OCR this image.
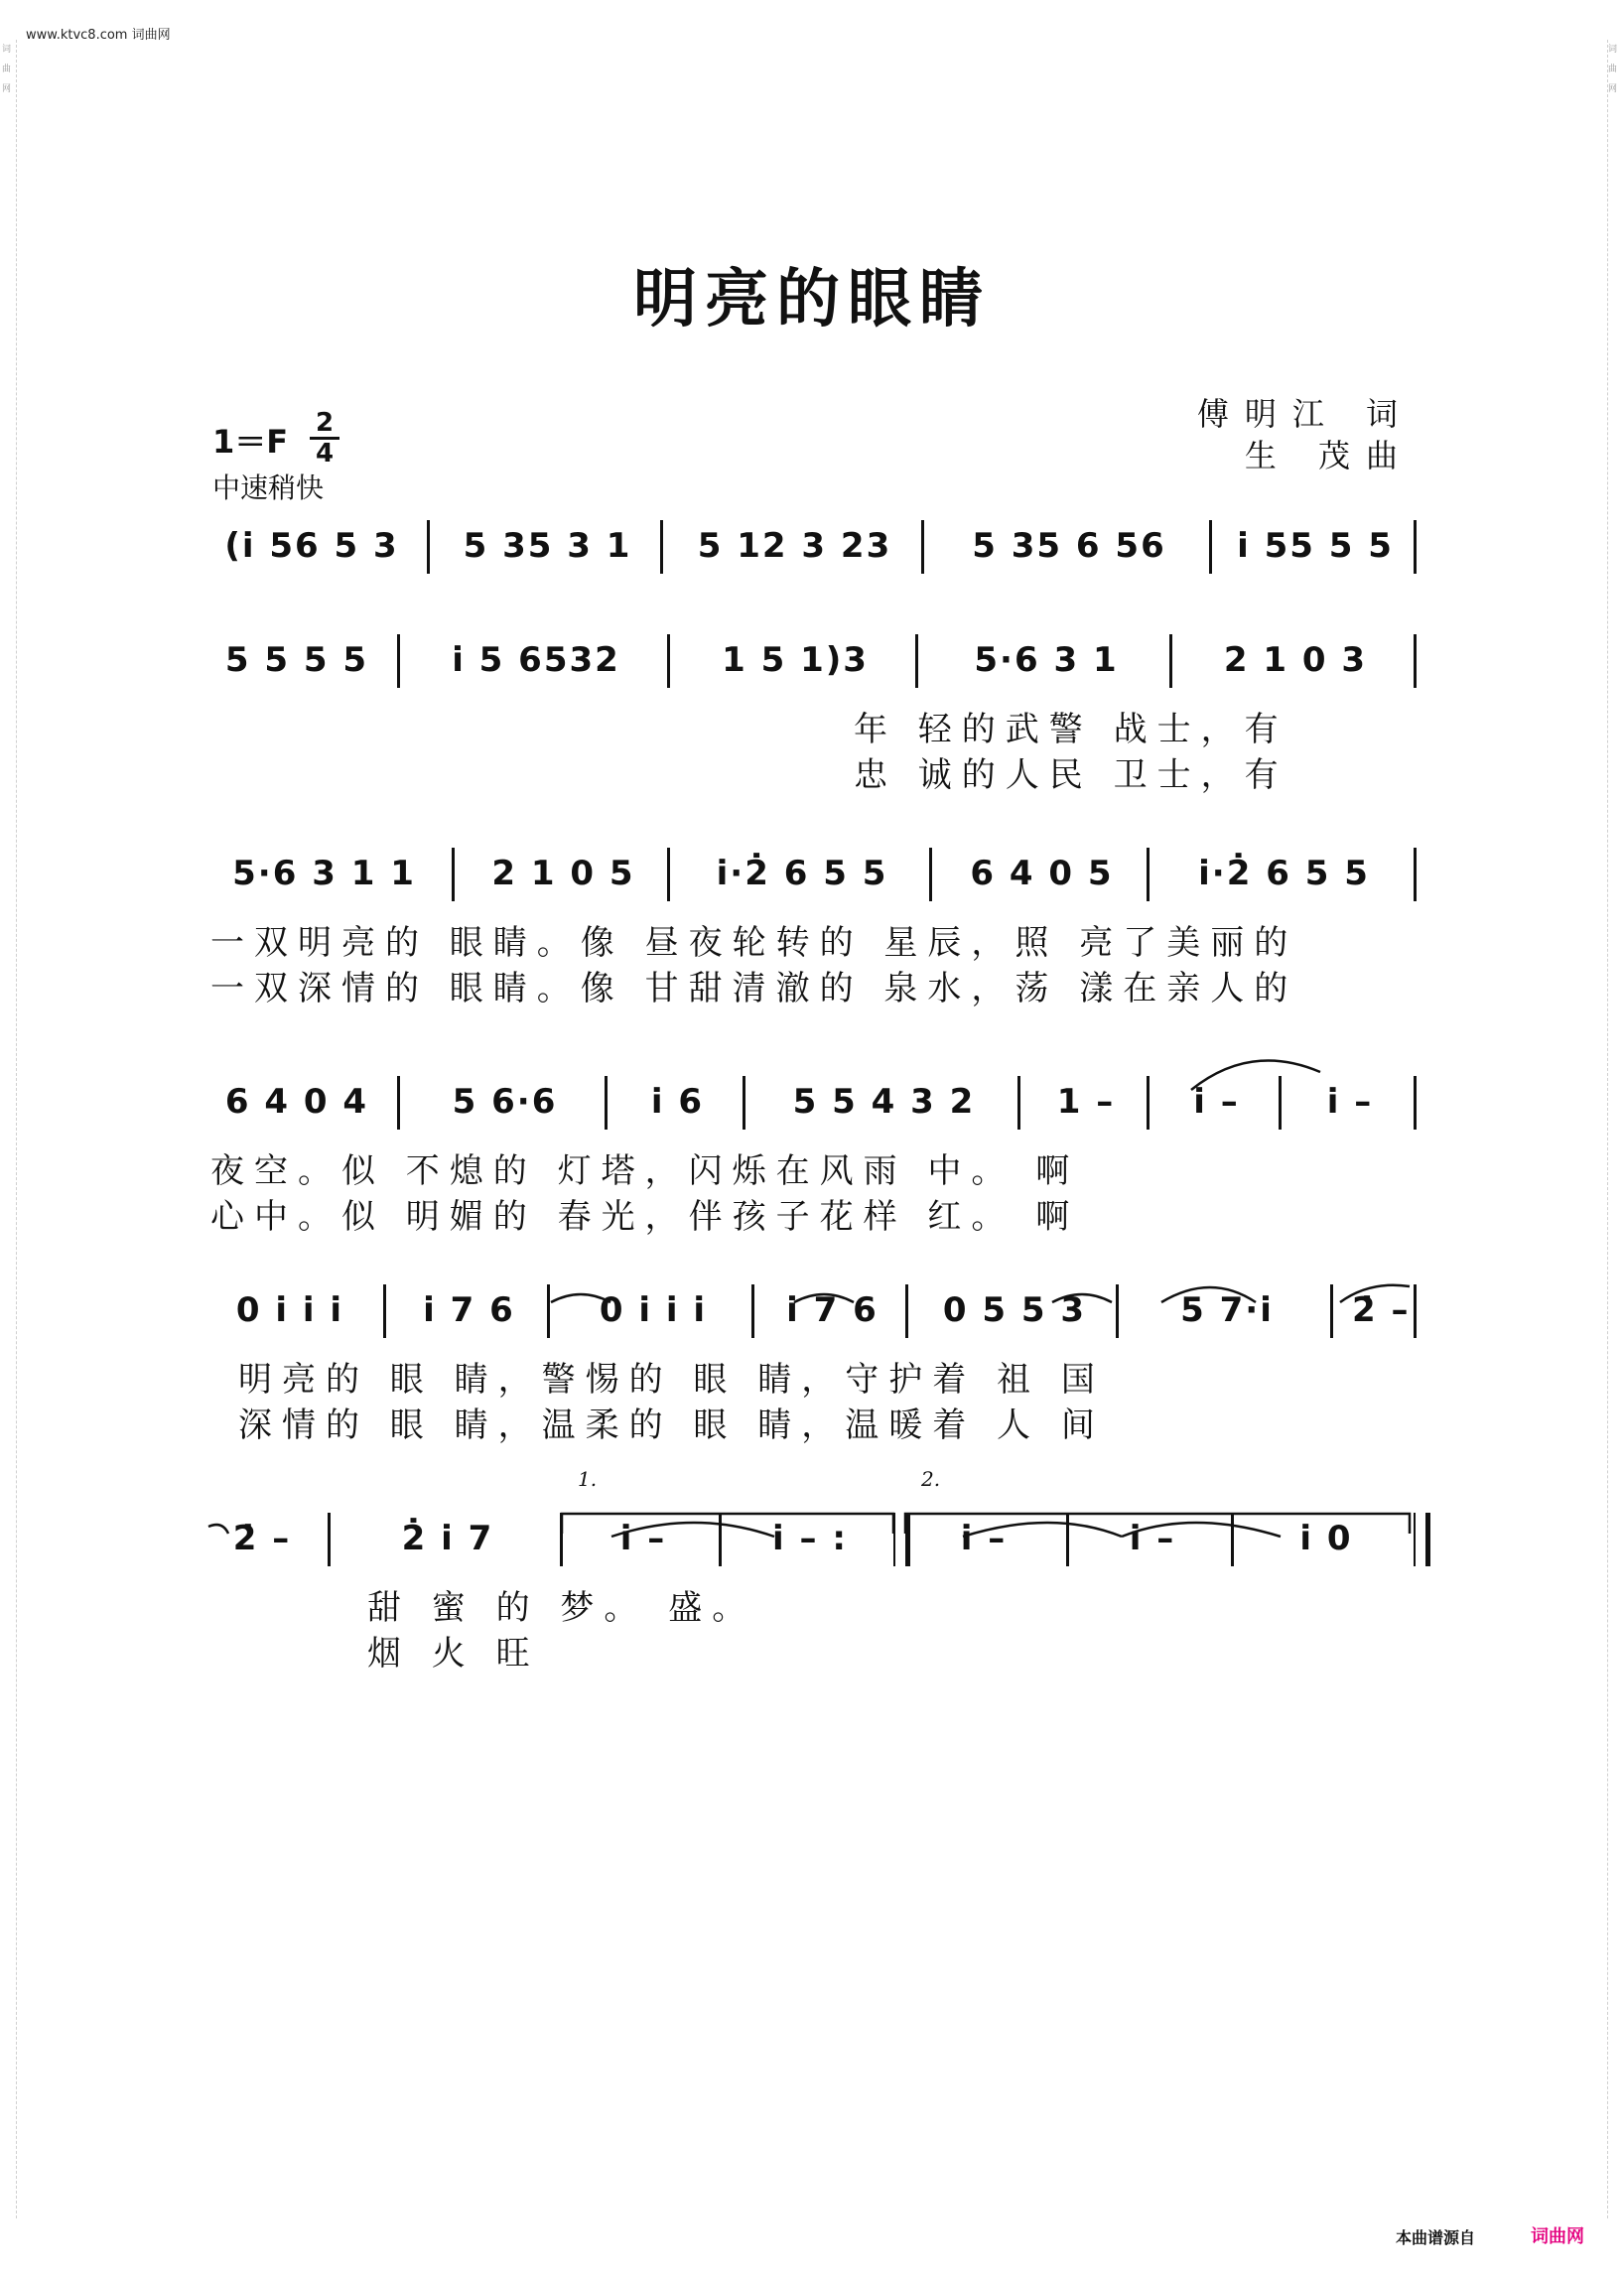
www.ktvc8.com 词曲网
词曲网
词曲网
明亮的眼睛
1＝F 2
4
中速稍快
傅明江 词
生 茂曲
(i̇ 56 5 3	5 35 3 1	5 12 3 23	5 35 6 56	i̇ 55 5 5
5 5 5 5	i̇ 5 6532	1 5 1)3	5·6 3 1	2 1 0 3
年 轻的武警 战士，有
忠 诚的人民 卫士，有
5·6 3 1 1	2 1 0 5	i̇·2̇ 6 5 5	6 4 0 5	i̇·2̇ 6 5 5
一双明亮的 眼睛。像 昼夜轮转的 星辰，照 亮了美丽的
一双深情的 眼睛。像 甘甜清澈的 泉水，荡 漾在亲人的
6 4 0 4	5 6·6	i̇ 6	5 5 4 3 2	1 –	i̇ –	i̇ –
夜空。似 不熄的 灯塔，闪烁在风雨 中。 啊
心中。似 明媚的 春光，伴孩子花样 红。 啊
0 i̇ i̇ i̇	i̇ 7 6	0 i̇ i̇ i̇	i̇ 7 6	0 5 5 3	5 7·i̇	2̇ –
明亮的 眼 睛，警惕的 眼 睛，守护着 祖 国
深情的 眼 睛，温柔的 眼 睛，温暖着 人 间
2̇ –	2̇ i̇ 7	i̇ –	i̇ – :	i̇ –	i̇ –	i̇ 0
甜 蜜 的 梦。 盛。
烟 火 旺
1.	2.
本曲谱源自	词曲网
